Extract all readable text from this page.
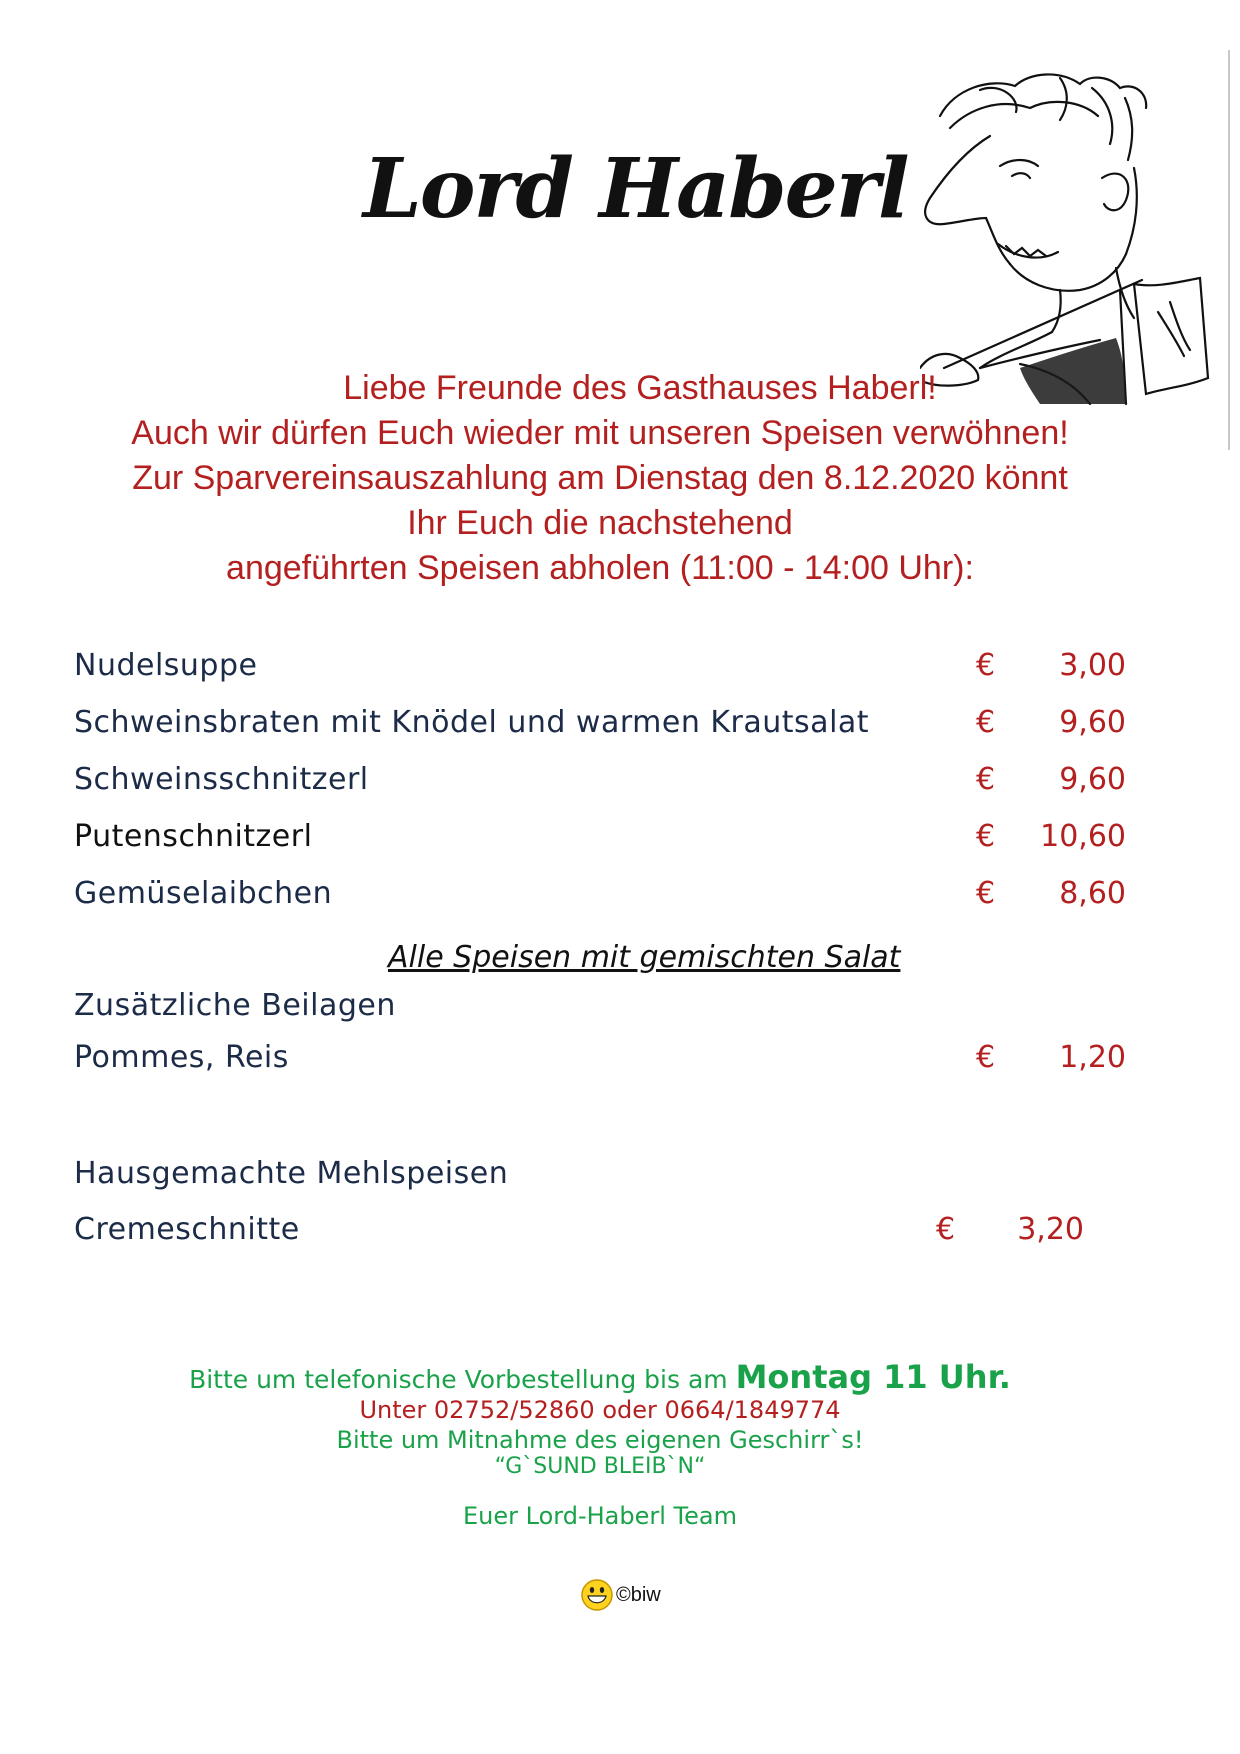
Lord Haberl
Liebe Freunde des Gasthauses Haberl!
Auch wir dürfen Euch wieder mit unseren Speisen verwöhnen!
Zur Sparvereinsauszahlung am Dienstag den 8.12.2020 könnt
Ihr Euch die nachstehend
angeführten Speisen abholen (11:00 - 14:00 Uhr):
Nudelsuppe	€	3,00
Schweinsbraten mit Knödel und warmen Krautsalat	€	9,60
Schweinsschnitzerl	€	9,60
Putenschnitzerl	€	10,60
Gemüselaibchen	€	8,60
Alle Speisen mit gemischten Salat
Zusätzliche Beilagen
Pommes, Reis	€	1,20
Hausgemachte Mehlspeisen
Cremeschnitte	€	3,20
Bitte um telefonische Vorbestellung bis am Montag 11 Uhr.
Unter 02752/52860 oder 0664/1849774
Bitte um Mitnahme des eigenen Geschirr`s!
“G`SUND BLEIB`N“
Euer Lord-Haberl Team
©biw
